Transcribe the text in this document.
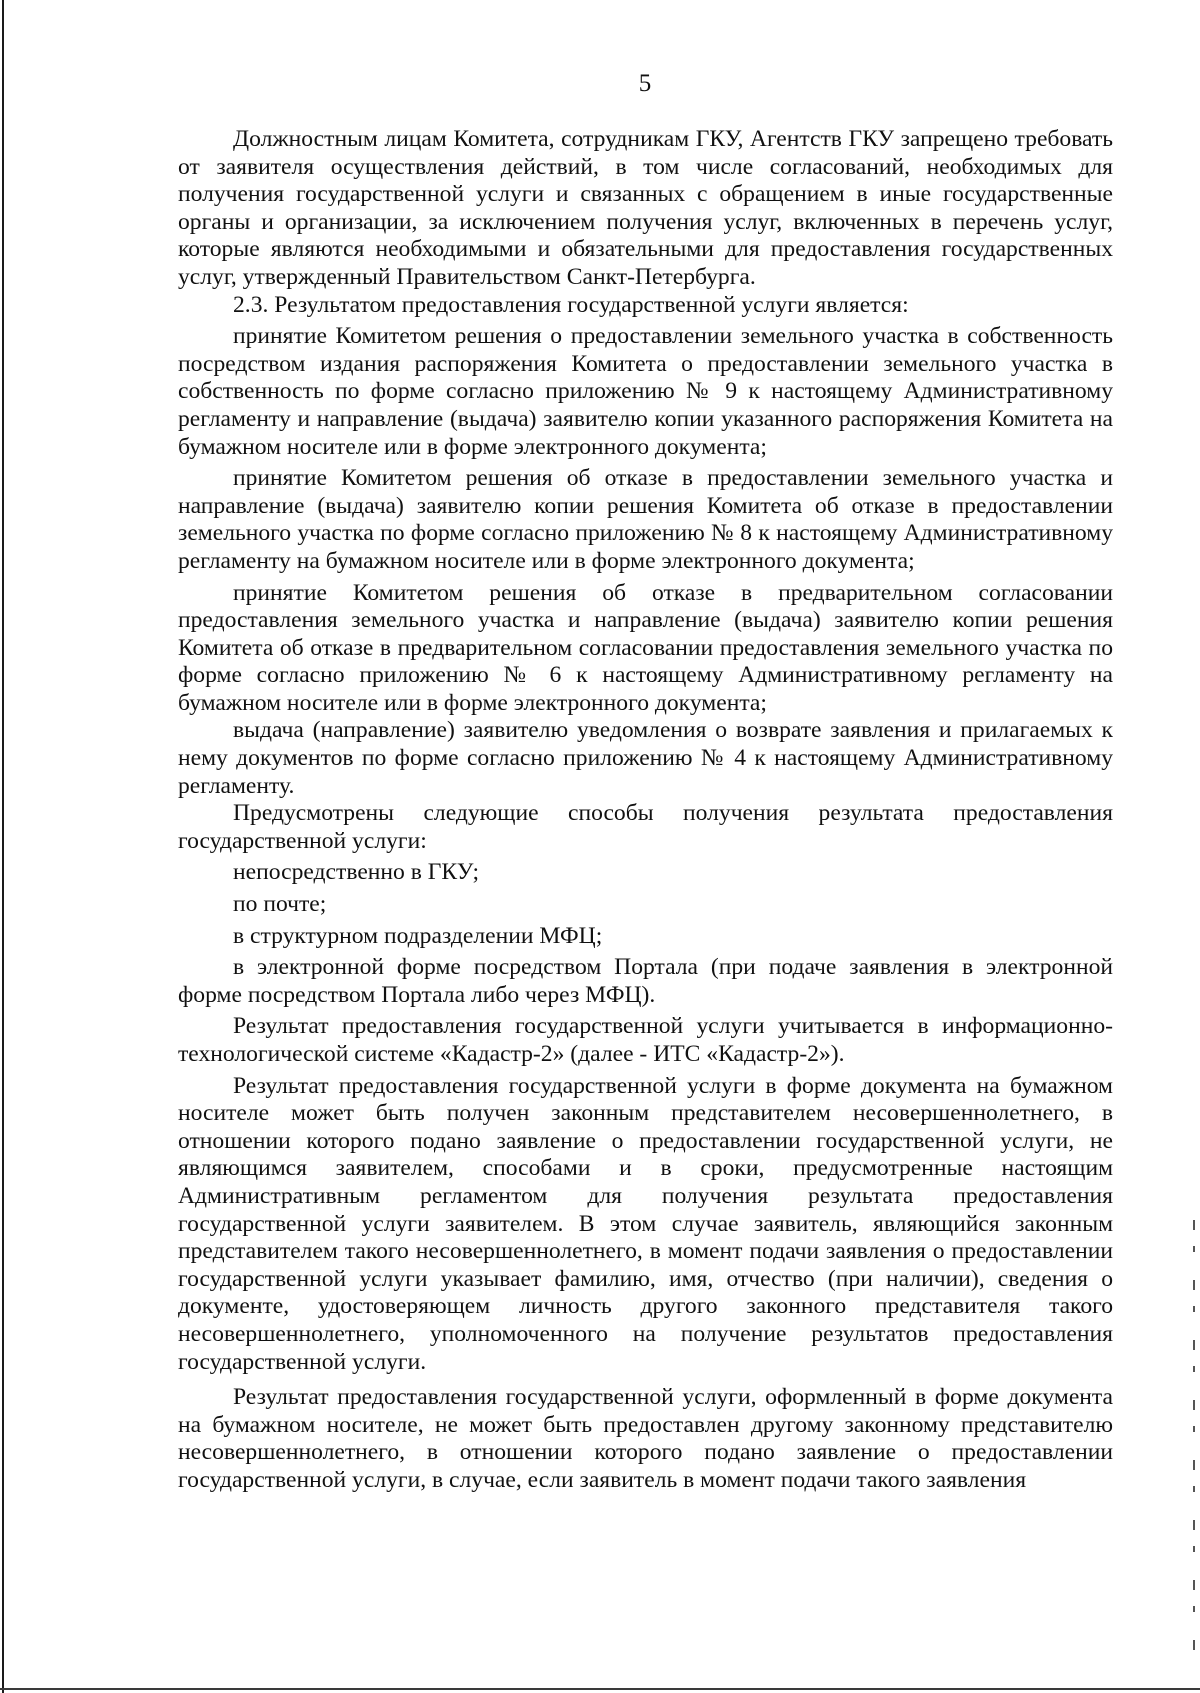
5

Должностным лицам Комитета, сотрудникам ГКУ, Агентств ГКУ запрещено требовать от заявителя осуществления действий, в том числе согласований, необходимых для получения государственной услуги и связанных с обращением в иные государственные органы и организации, за исключением получения услуг, включенных в перечень услуг, которые являются необходимыми и обязательными для предоставления государственных услуг, утвержденный Правительством Санкт-Петербурга.

2.3. Результатом предоставления государственной услуги является:

принятие Комитетом решения о предоставлении земельного участка в собственность посредством издания распоряжения Комитета о предоставлении земельного участка в собственность по форме согласно приложению № 9 к настоящему Административному регламенту и направление (выдача) заявителю копии указанного распоряжения Комитета на бумажном носителе или в форме электронного документа;

принятие Комитетом решения об отказе в предоставлении земельного участка и направление (выдача) заявителю копии решения Комитета об отказе в предоставлении земельного участка по форме согласно приложению № 8 к настоящему Административному регламенту на бумажном носителе или в форме электронного документа;

принятие Комитетом решения об отказе в предварительном согласовании предоставления земельного участка и направление (выдача) заявителю копии решения Комитета об отказе в предварительном согласовании предоставления земельного участка по форме согласно приложению № 6 к настоящему Административному регламенту на бумажном носителе или в форме электронного документа;

выдача (направление) заявителю уведомления о возврате заявления и прилагаемых к нему документов по форме согласно приложению № 4 к настоящему Административному регламенту.

Предусмотрены следующие способы получения результата предоставления государственной услуги:

непосредственно в ГКУ;

по почте;

в структурном подразделении МФЦ;

в электронной форме посредством Портала (при подаче заявления в электронной форме посредством Портала либо через МФЦ).

Результат предоставления государственной услуги учитывается в информационно-технологической системе «Кадастр-2» (далее - ИТС «Кадастр-2»).

Результат предоставления государственной услуги в форме документа на бумажном носителе может быть получен законным представителем несовершеннолетнего, в отношении которого подано заявление о предоставлении государственной услуги, не являющимся заявителем, способами и в сроки, предусмотренные настоящим Административным регламентом для получения результата предоставления государственной услуги заявителем. В этом случае заявитель, являющийся законным представителем такого несовершеннолетнего, в момент подачи заявления о предоставлении государственной услуги указывает фамилию, имя, отчество (при наличии), сведения о документе, удостоверяющем личность другого законного представителя такого несовершеннолетнего, уполномоченного на получение результатов предоставления государственной услуги.

Результат предоставления государственной услуги, оформленный в форме документа на бумажном носителе, не может быть предоставлен другому законному представителю несовершеннолетнего, в отношении которого подано заявление о предоставлении государственной услуги, в случае, если заявитель в момент подачи такого заявления
